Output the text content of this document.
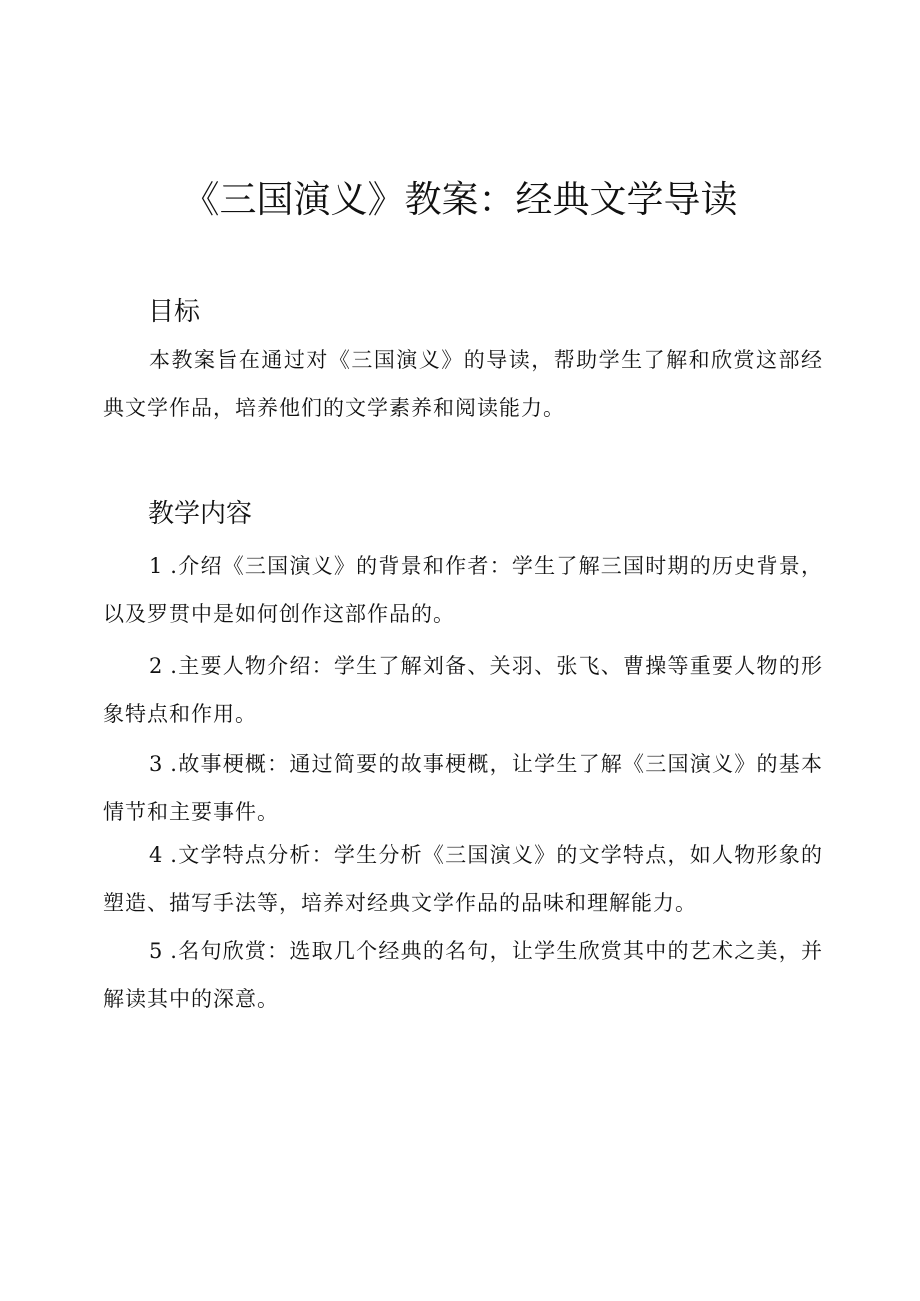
《三国演义》教案：经典文学导读
目标

本教案旨在通过对《三国演义》的导读，帮助学生了解和欣赏这部经典文学作品，培养他们的文学素养和阅读能力。

教学内容

1 .介绍《三国演义》的背景和作者：学生了解三国时期的历史背景，以及罗贯中是如何创作这部作品的。

2 .主要人物介绍：学生了解刘备、关羽、张飞、曹操等重要人物的形象特点和作用。

3 .故事梗概：通过简要的故事梗概，让学生了解《三国演义》的基本情节和主要事件。

4 .文学特点分析：学生分析《三国演义》的文学特点，如人物形象的塑造、描写手法等，培养对经典文学作品的品味和理解能力。

5 .名句欣赏：选取几个经典的名句，让学生欣赏其中的艺术之美，并解读其中的深意。
